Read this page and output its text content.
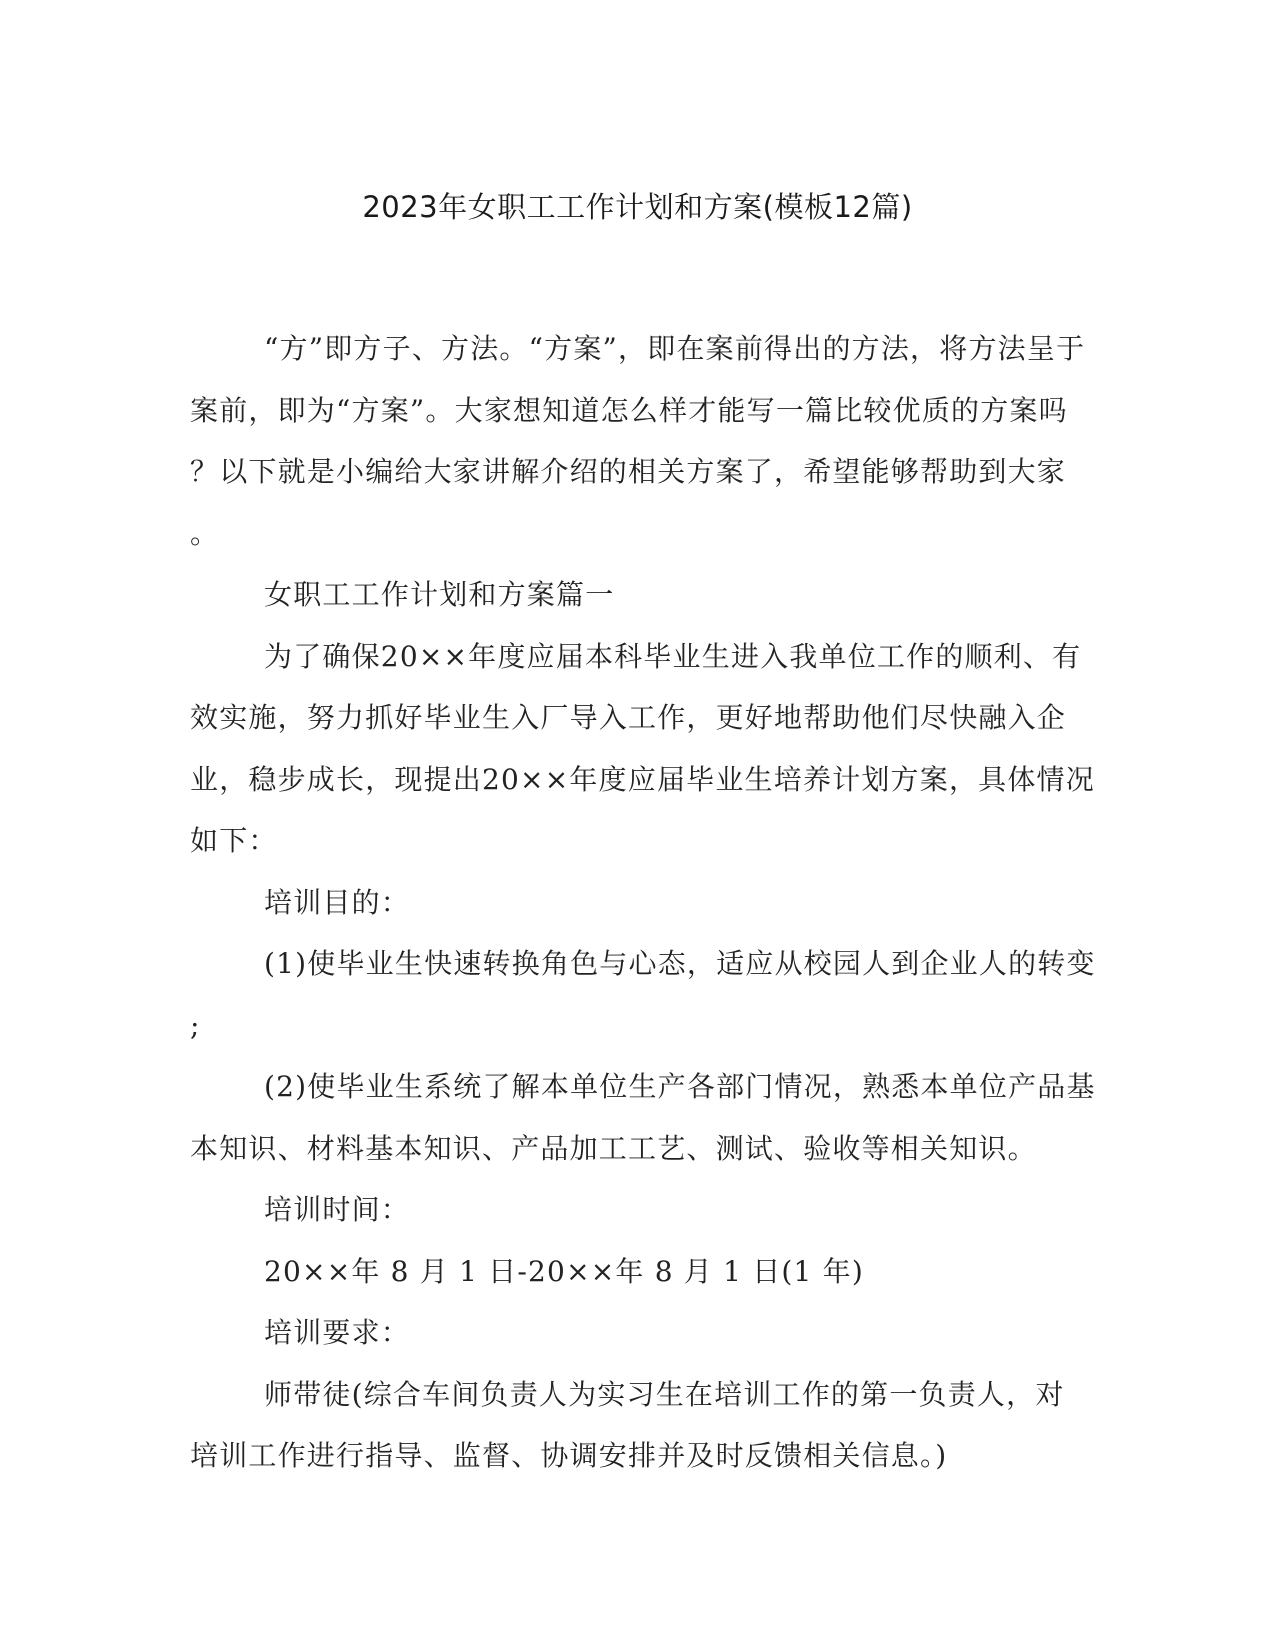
2023年女职工工作计划和方案(模板12篇)
“方”即方子、方法。“方案”，即在案前得出的方法，将方法呈于
案前，即为“方案”。大家想知道怎么样才能写一篇比较优质的方案吗
？以下就是小编给大家讲解介绍的相关方案了，希望能够帮助到大家
。
女职工工作计划和方案篇一
为了确保20××年度应届本科毕业生进入我单位工作的顺利、有
效实施，努力抓好毕业生入厂导入工作，更好地帮助他们尽快融入企
业，稳步成长，现提出20××年度应届毕业生培养计划方案，具体情况
如下：
培训目的：
(1)使毕业生快速转换角色与心态，适应从校园人到企业人的转变
;
(2)使毕业生系统了解本单位生产各部门情况，熟悉本单位产品基
本知识、材料基本知识、产品加工工艺、测试、验收等相关知识。
培训时间：
20××年 8 月 1 日-20××年 8 月 1 日(1 年)
培训要求：
师带徒(综合车间负责人为实习生在培训工作的第一负责人，对
培训工作进行指导、监督、协调安排并及时反馈相关信息。)
